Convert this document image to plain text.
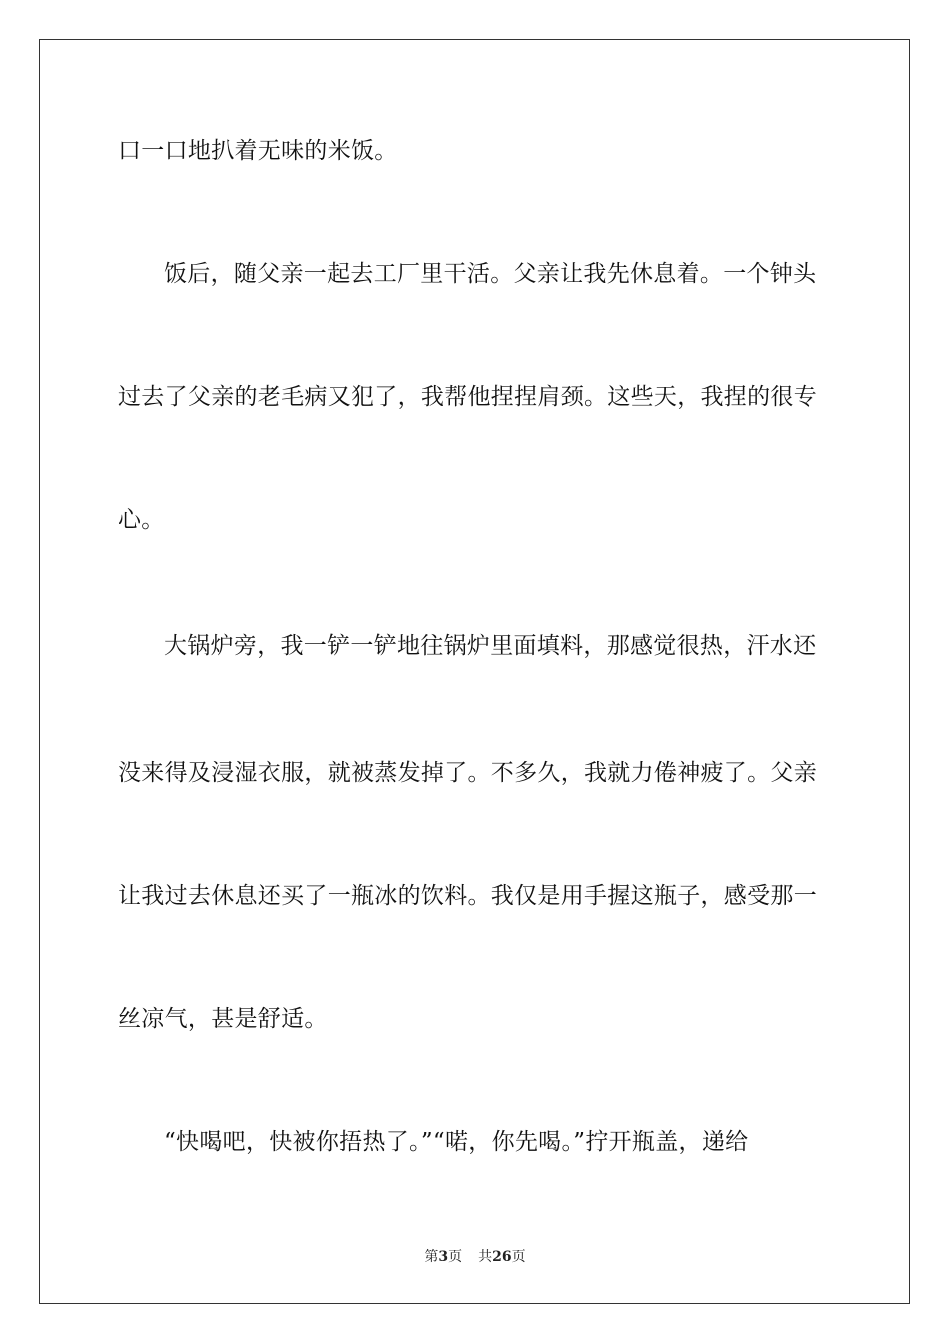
口一口地扒着无味的米饭。
饭后，随父亲一起去工厂里干活。父亲让我先休息着。一个钟头
过去了父亲的老毛病又犯了，我帮他捏捏肩颈。这些天，我捏的很专
心。
大锅炉旁，我一铲一铲地往锅炉里面填料，那感觉很热，汗水还
没来得及浸湿衣服，就被蒸发掉了。不多久，我就力倦神疲了。父亲
让我过去休息还买了一瓶冰的饮料。我仅是用手握这瓶子，感受那一
丝凉气，甚是舒适。
“快喝吧，快被你捂热了。”“喏，你先喝。”拧开瓶盖，递给
第3页 共26页
